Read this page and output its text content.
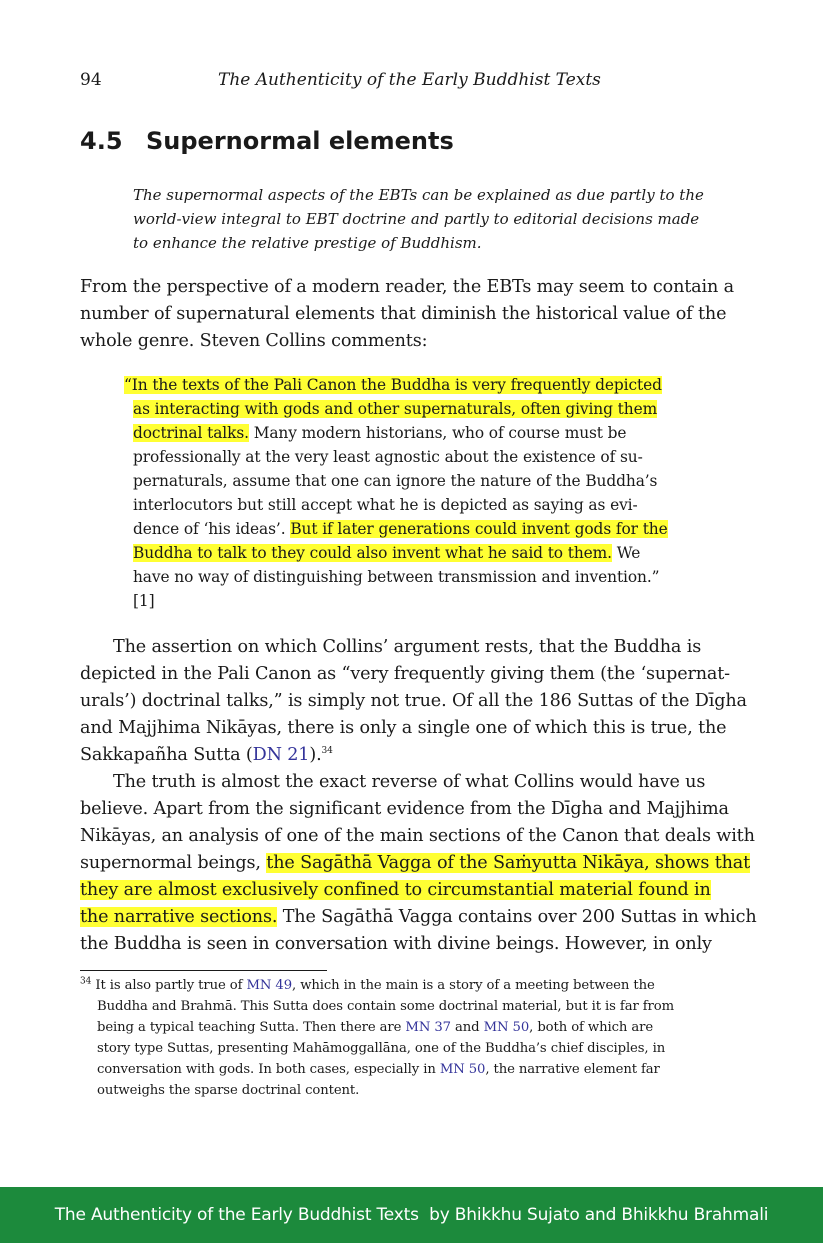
94	The Authenticity of the Early Buddhist Texts
4.5 Supernormal elements
The supernormal aspects of the EBTs can be explained as due partly to the
world-view integral to EBT doctrine and partly to editorial decisions made
to enhance the relative prestige of Buddhism.
From the perspective of a modern reader, the EBTs may seem to contain a
number of supernatural elements that diminish the historical value of the
whole genre. Steven Collins comments:
“In the texts of the Pali Canon the Buddha is very frequently depicted
as interacting with gods and other supernaturals, often giving them
doctrinal talks. Many modern historians, who of course must be
professionally at the very least agnostic about the existence of su-
pernaturals, assume that one can ignore the nature of the Buddha’s
interlocutors but still accept what he is depicted as saying as evi-
dence of ‘his ideas’. But if later generations could invent gods for the
Buddha to talk to they could also invent what he said to them. We
have no way of distinguishing between transmission and invention.”
[1]
The assertion on which Collins’ argument rests, that the Buddha is
depicted in the Pali Canon as “very frequently giving them (the ‘supernat-
urals’) doctrinal talks,” is simply not true. Of all the 186 Suttas of the Dīgha
and Majjhima Nikāyas, there is only a single one of which this is true, the
Sakkapañha Sutta (DN 21).$^{34}$
The truth is almost the exact reverse of what Collins would have us
believe. Apart from the significant evidence from the Dīgha and Majjhima
Nikāyas, an analysis of one of the main sections of the Canon that deals with
supernormal beings, the Sagāthā Vagga of the Saṁyutta Nikāya, shows that
they are almost exclusively confined to circumstantial material found in
the narrative sections. The Sagāthā Vagga contains over 200 Suttas in which
the Buddha is seen in conversation with divine beings. However, in only
$^{34}$ It is also partly true of MN 49, which in the main is a story of a meeting between the
Buddha and Brahmā. This Sutta does contain some doctrinal material, but it is far from
being a typical teaching Sutta. Then there are MN 37 and MN 50, both of which are
story type Suttas, presenting Mahāmoggallāna, one of the Buddha’s chief disciples, in
conversation with gods. In both cases, especially in MN 50, the narrative element far
outweighs the sparse doctrinal content.
The Authenticity of the Early Buddhist Texts  by Bhikkhu Sujato and Bhikkhu Brahmali
